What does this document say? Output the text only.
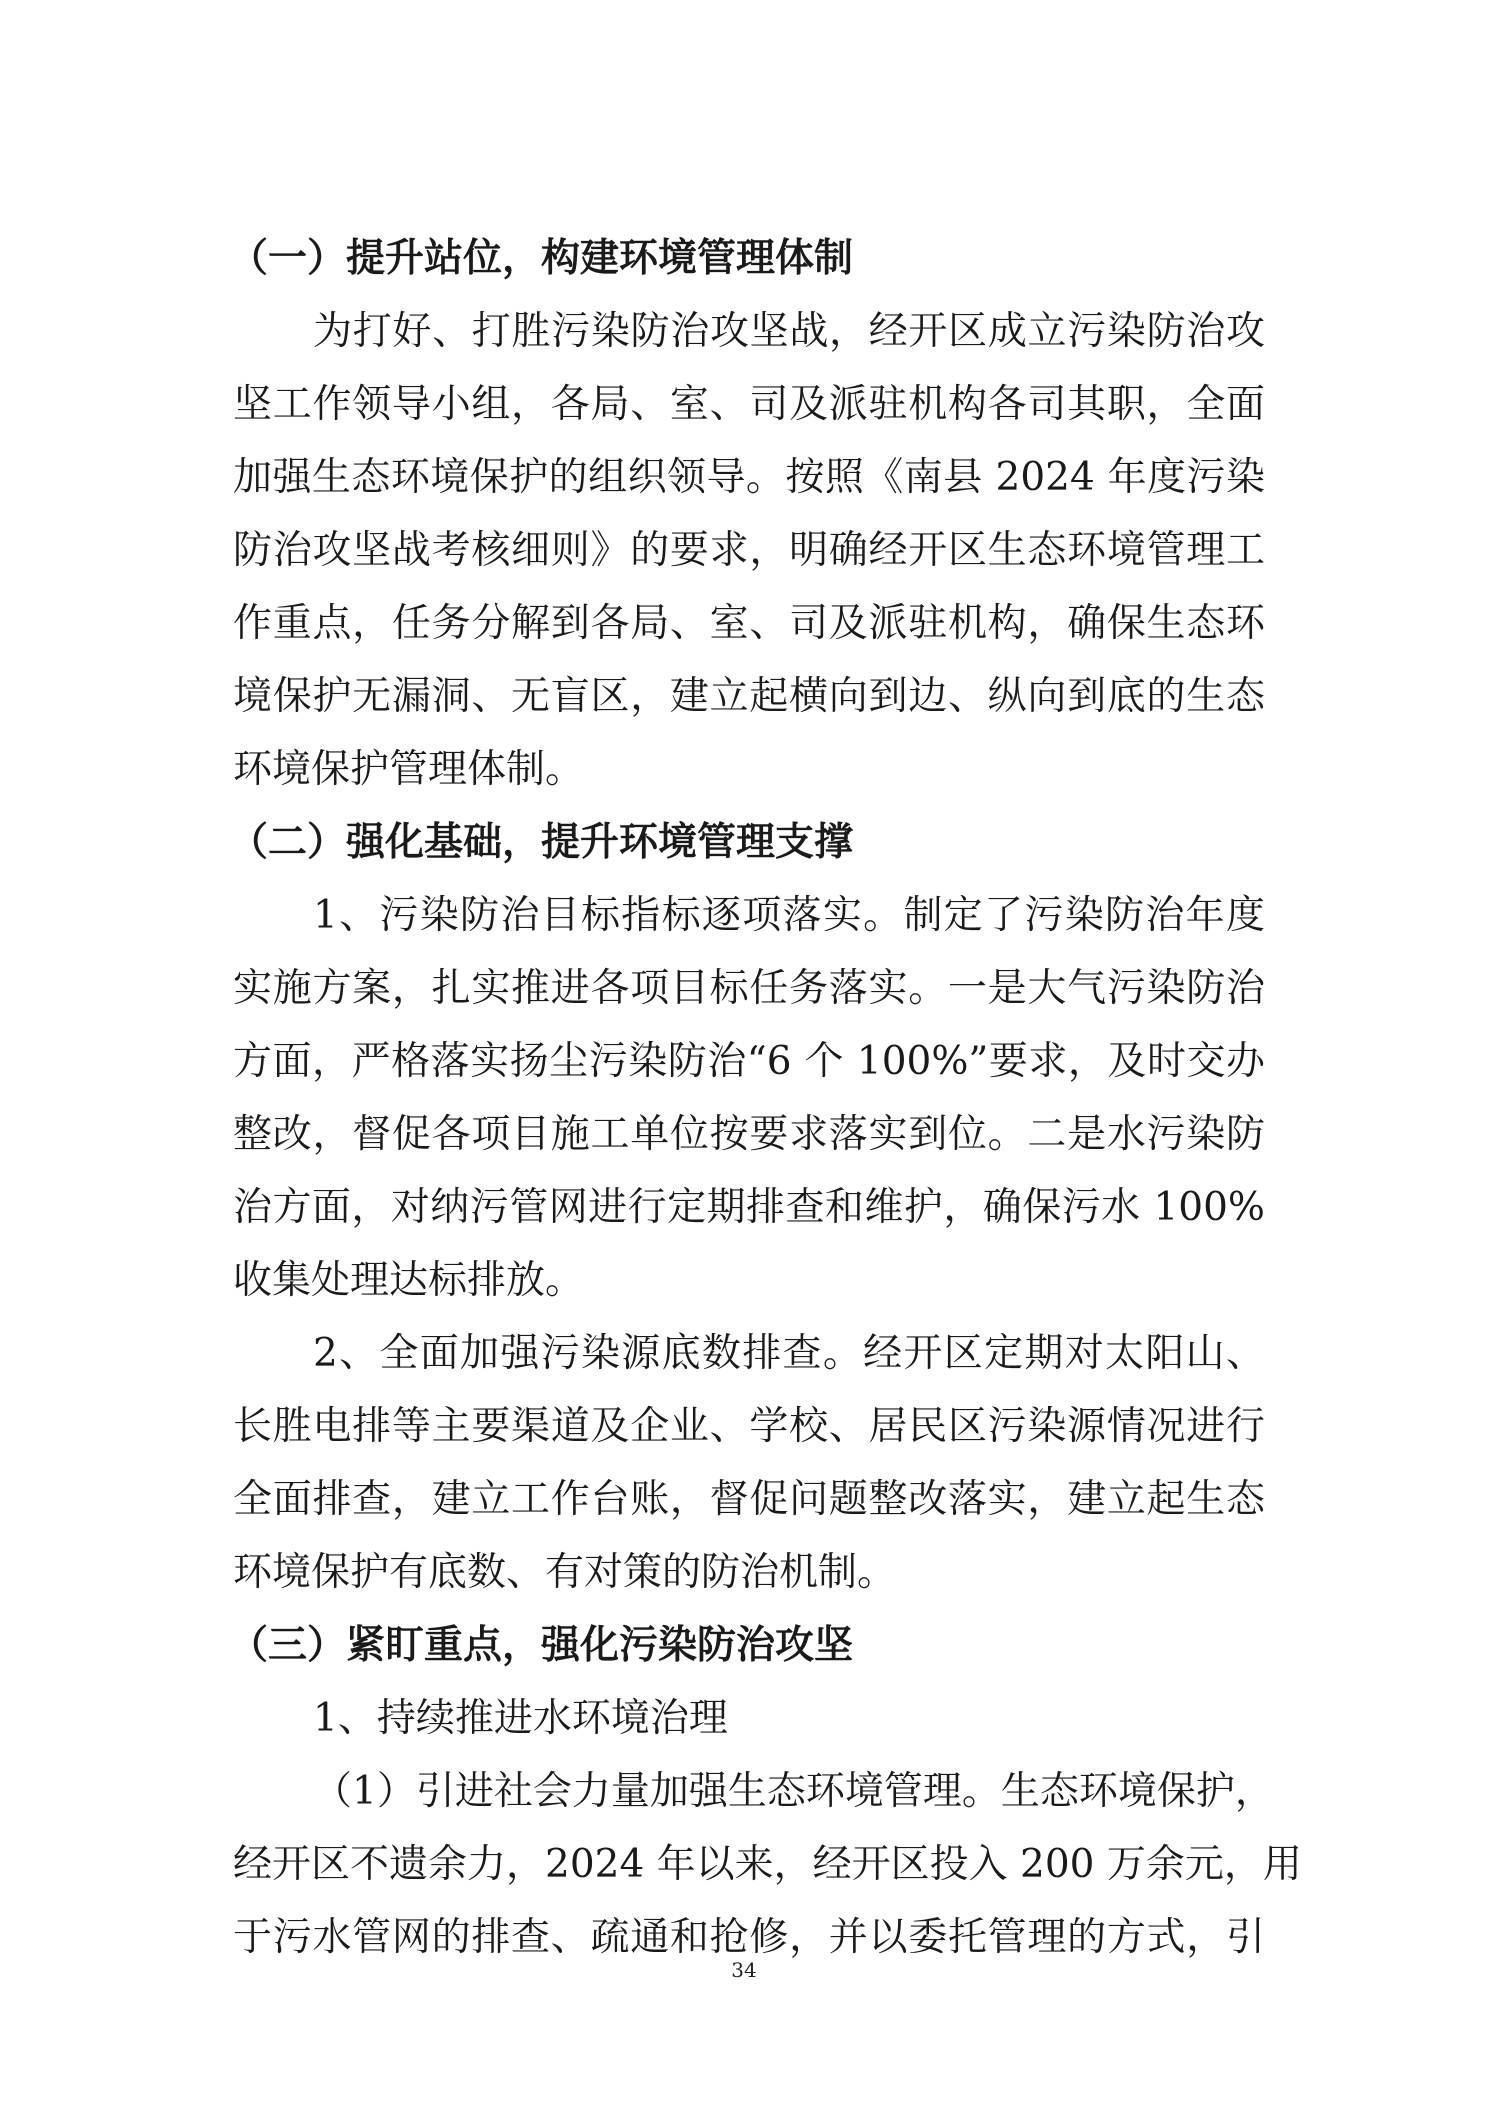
（一）提升站位，构建环境管理体制
为打好、打胜污染防治攻坚战，经开区成立污染防治攻
坚工作领导小组，各局、室、司及派驻机构各司其职，全面
加强生态环境保护的组织领导。按照《南县 2024 年度污染
防治攻坚战考核细则》的要求，明确经开区生态环境管理工
作重点，任务分解到各局、室、司及派驻机构，确保生态环
境保护无漏洞、无盲区，建立起横向到边、纵向到底的生态
环境保护管理体制。
（二）强化基础，提升环境管理支撑
1、污染防治目标指标逐项落实。制定了污染防治年度
实施方案，扎实推进各项目标任务落实。一是大气污染防治
方面，严格落实扬尘污染防治“6 个 100%”要求，及时交办
整改，督促各项目施工单位按要求落实到位。二是水污染防
治方面，对纳污管网进行定期排查和维护，确保污水 100%
收集处理达标排放。
2、全面加强污染源底数排查。经开区定期对太阳山、
长胜电排等主要渠道及企业、学校、居民区污染源情况进行
全面排查，建立工作台账，督促问题整改落实，建立起生态
环境保护有底数、有对策的防治机制。
（三）紧盯重点，强化污染防治攻坚
1、持续推进水环境治理
（1）引进社会力量加强生态环境管理。生态环境保护，
经开区不遗余力，2024 年以来，经开区投入 200 万余元，用
于污水管网的排查、疏通和抢修，并以委托管理的方式，引
34
